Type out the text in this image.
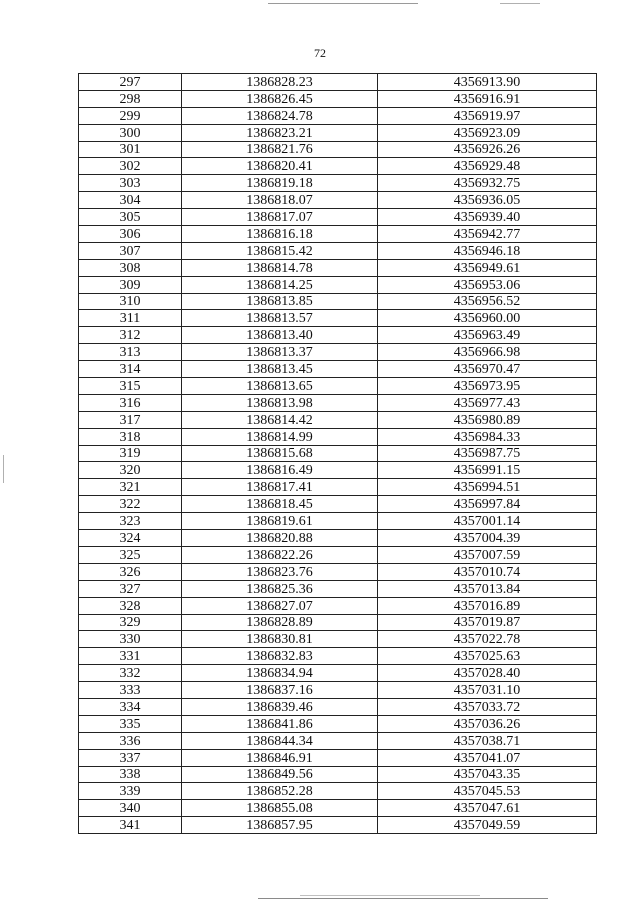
72
297	1386828.23	4356913.90
298	1386826.45	4356916.91
299	1386824.78	4356919.97
300	1386823.21	4356923.09
301	1386821.76	4356926.26
302	1386820.41	4356929.48
303	1386819.18	4356932.75
304	1386818.07	4356936.05
305	1386817.07	4356939.40
306	1386816.18	4356942.77
307	1386815.42	4356946.18
308	1386814.78	4356949.61
309	1386814.25	4356953.06
310	1386813.85	4356956.52
311	1386813.57	4356960.00
312	1386813.40	4356963.49
313	1386813.37	4356966.98
314	1386813.45	4356970.47
315	1386813.65	4356973.95
316	1386813.98	4356977.43
317	1386814.42	4356980.89
318	1386814.99	4356984.33
319	1386815.68	4356987.75
320	1386816.49	4356991.15
321	1386817.41	4356994.51
322	1386818.45	4356997.84
323	1386819.61	4357001.14
324	1386820.88	4357004.39
325	1386822.26	4357007.59
326	1386823.76	4357010.74
327	1386825.36	4357013.84
328	1386827.07	4357016.89
329	1386828.89	4357019.87
330	1386830.81	4357022.78
331	1386832.83	4357025.63
332	1386834.94	4357028.40
333	1386837.16	4357031.10
334	1386839.46	4357033.72
335	1386841.86	4357036.26
336	1386844.34	4357038.71
337	1386846.91	4357041.07
338	1386849.56	4357043.35
339	1386852.28	4357045.53
340	1386855.08	4357047.61
341	1386857.95	4357049.59
